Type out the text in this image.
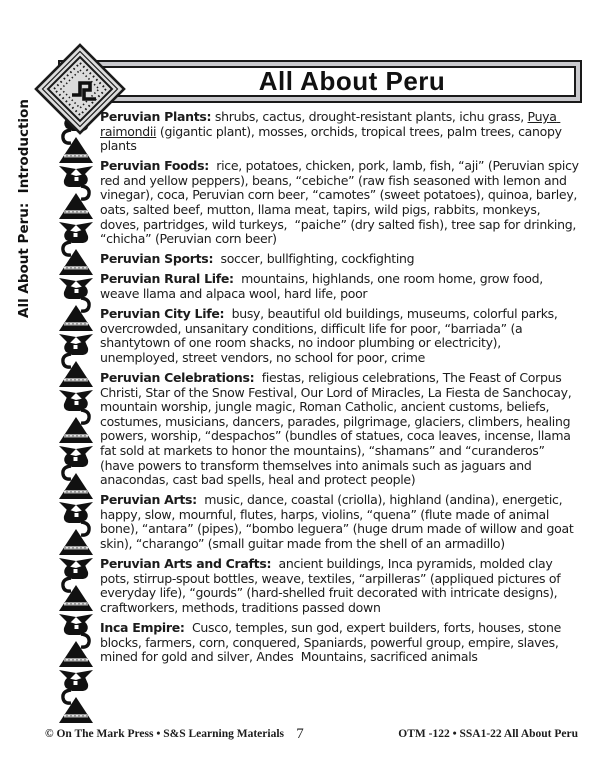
All About Peru
All About Peru:  Introduction	Peruvian Plants: shrubs, cactus, drought-resistant plants, ichu grass, Puya raimondii (gigantic plant), mosses, orchids, tropical trees, palm trees, canopy plants

Peruvian Foods:  rice, potatoes, chicken, pork, lamb, fish, “aji” (Peruvian spicy red and yellow peppers), beans, “cebiche” (raw fish seasoned with lemon and vinegar), coca, Peruvian corn beer, “camotes” (sweet potatoes), quinoa, barley, oats, salted beef, mutton, llama meat, tapirs, wild pigs, rabbits, monkeys, doves, partridges, wild turkeys,  “paiche” (dry salted fish), tree sap for drinking, “chicha” (Peruvian corn beer)

Peruvian Sports:  soccer, bullfighting, cockfighting

Peruvian Rural Life:  mountains, highlands, one room home, grow food, weave llama and alpaca wool, hard life, poor

Peruvian City Life:  busy, beautiful old buildings, museums, colorful parks, overcrowded, unsanitary conditions, difficult life for poor, “barriada” (a shantytown of one room shacks, no indoor plumbing or electricity), unemployed, street vendors, no school for poor, crime

Peruvian Celebrations:  fiestas, religious celebrations, The Feast of Corpus Christi, Star of the Snow Festival, Our Lord of Miracles, La Fiesta de Sanchocay, mountain worship, jungle magic, Roman Catholic, ancient customs, beliefs, costumes, musicians, dancers, parades, pilgrimage, glaciers, climbers, healing powers, worship, “despachos” (bundles of statues, coca leaves, incense, llama fat sold at markets to honor the mountains), “shamans” and “curanderos” (have powers to transform themselves into animals such as jaguars and anacondas, cast bad spells, heal and protect people)

Peruvian Arts:  music, dance, coastal (criolla), highland (andina), energetic, happy, slow, mournful, flutes, harps, violins, “quena” (flute made of animal bone), “antara” (pipes), “bombo leguera” (huge drum made of willow and goat skin), “charango” (small guitar made from the shell of an armadillo)

Peruvian Arts and Crafts:  ancient buildings, Inca pyramids, molded clay pots, stirrup-spout bottles, weave, textiles, “arpilleras” (appliqued pictures of everyday life), “gourds” (hard-shelled fruit decorated with intricate designs), craftworkers, methods, traditions passed down

Inca Empire:  Cusco, temples, sun god, expert builders, forts, houses, stone blocks, farmers, corn, conquered, Spaniards, powerful group, empire, slaves, mined for gold and silver, Andes  Mountains, sacrificed animals

© On The Mark Press • S&S Learning Materials 7	OTM -122 • SSA1-22 All About Peru
